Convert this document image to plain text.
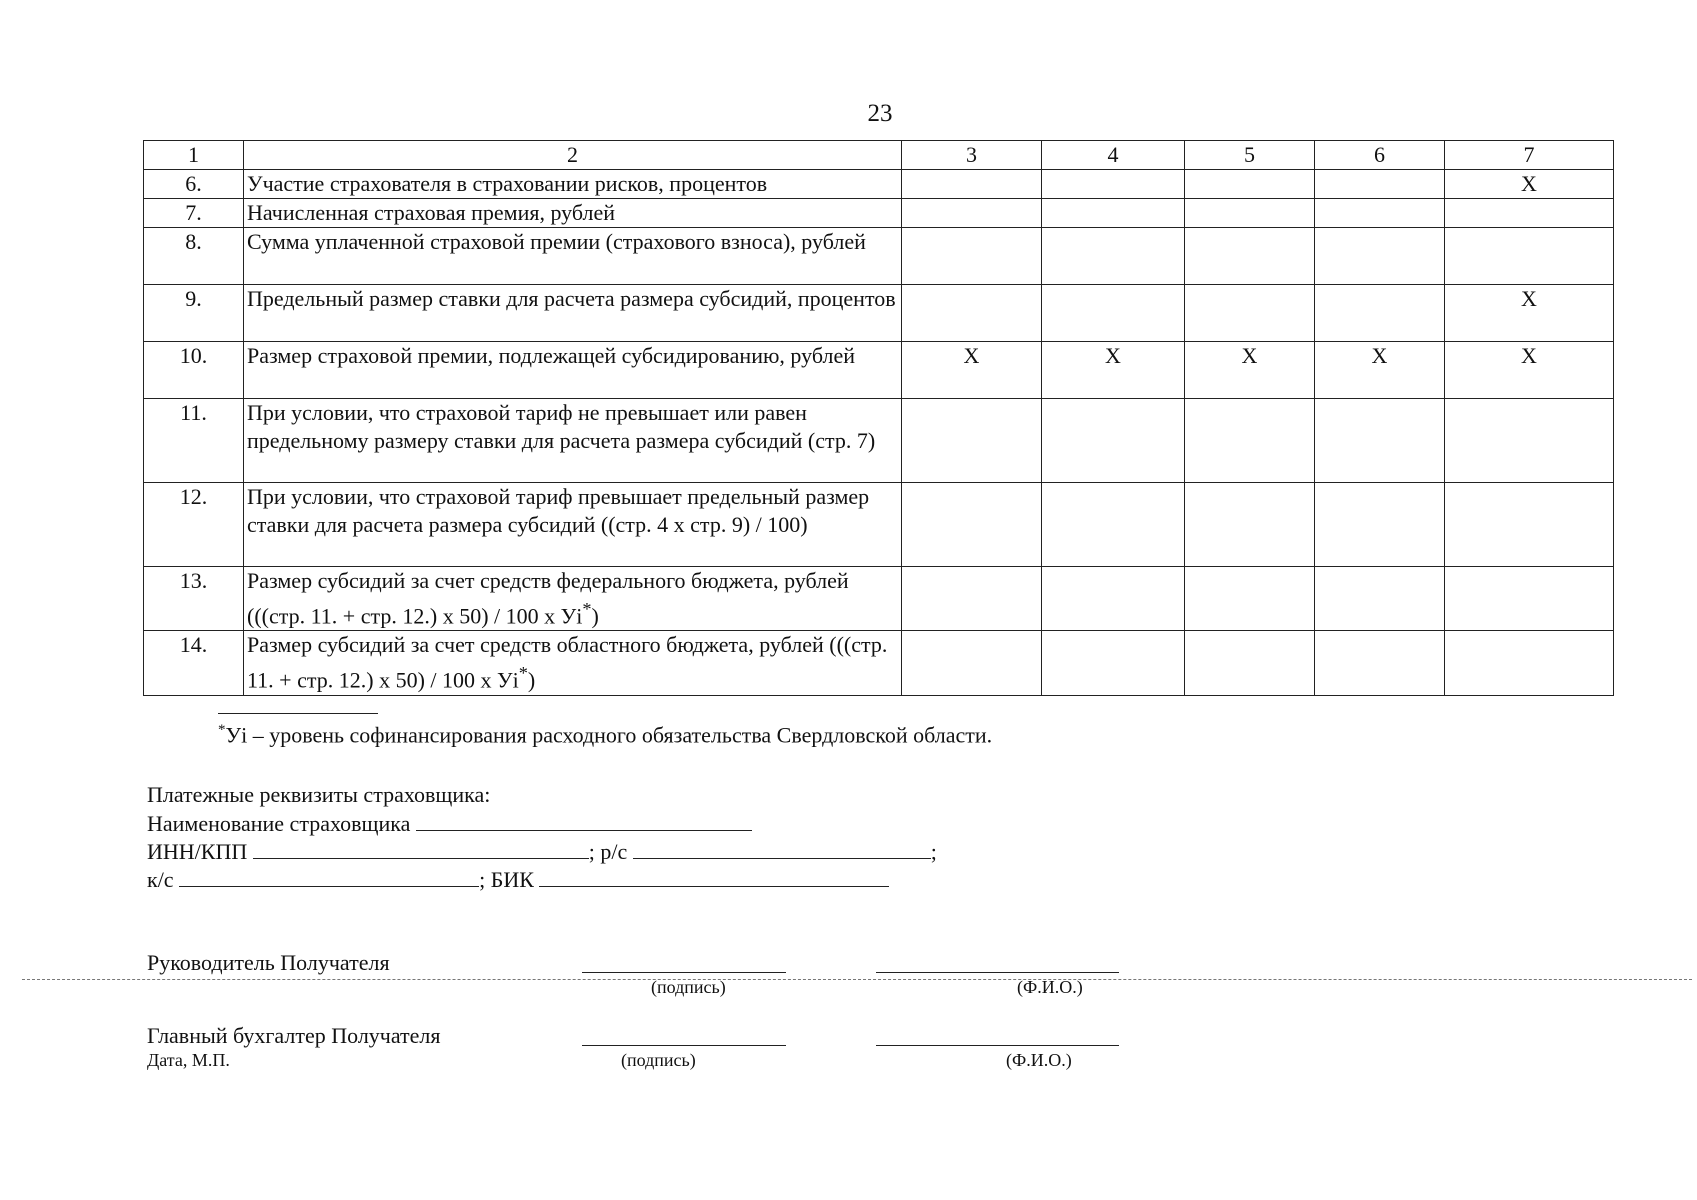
23
1	2	3	4	5	6	7
6.	Участие страхователя в страховании рисков, процентов					X
7.	Начисленная страховая премия, рублей					
8.	Сумма уплаченной страховой премии (страхового взноса), рублей					
9.	Предельный размер ставки для расчета размера субсидий, процентов					X
10.	Размер страховой премии, подлежащей субсидированию, рублей	X	X	X	X	X
11.	При условии, что страховой тариф не превышает или равен предельному размеру ставки для расчета размера субсидий (стр. 7)					
12.	При условии, что страховой тариф превышает предельный размер ставки для расчета размера субсидий ((стр. 4 x стр. 9) / 100)					
13.	Размер субсидий за счет средств федерального бюджета, рублей (((стр. 11. + стр. 12.) x 50) / 100 x Уi*)					
14.	Размер субсидий за счет средств областного бюджета, рублей (((стр. 11. + стр. 12.) x 50) / 100 x Уi*)					
*Уi – уровень софинансирования расходного обязательства Свердловской области.
Платежные реквизиты страховщика:
Наименование страховщика
ИНН/КПП	; р/с	;
к/с	; БИК
Руководитель Получателя
(подпись)	(Ф.И.О.)
Главный бухгалтер Получателя
Дата, М.П.	(подпись)	(Ф.И.О.)
